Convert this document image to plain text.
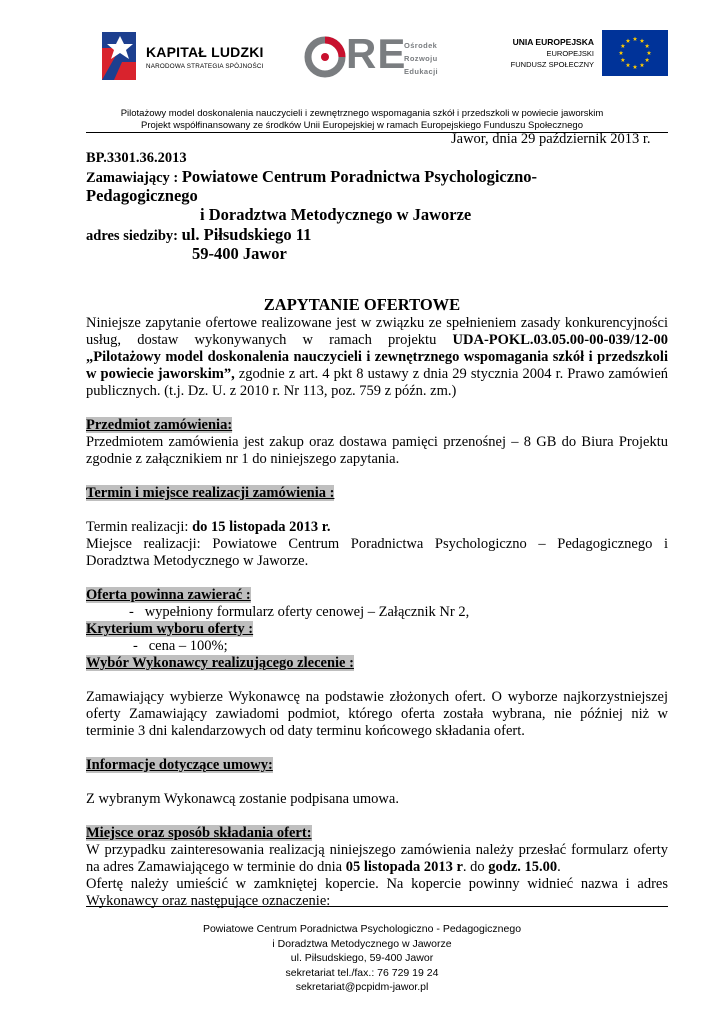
KAPITAŁ LUDZKI
NARODOWA STRATEGIA SPÓJNOŚCI RE
Ośrodek
Rozwoju
Edukacji
UNIA EUROPEJSKA
EUROPEJSKI
FUNDUSZ SPOŁECZNY
Pilotażowy model doskonalenia nauczycieli i zewnętrznego wspomagania szkół i przedszkoli w powiecie jaworskim
Projekt współfinansowany ze środków Unii Europejskiej w ramach Europejskiego Funduszu Społecznego
Jawor, dnia 29 październik 2013 r.
BP.3301.36.2013
Zamawiający : Powiatowe Centrum Poradnictwa Psychologiczno-
Pedagogicznego
i Doradztwa Metodycznego w Jaworze
adres siedziby: ul. Piłsudskiego 11
59-400 Jawor
ZAPYTANIE OFERTOWE
Niniejsze zapytanie ofertowe realizowane jest w związku ze spełnieniem zasady konkurencyjności
usług, dostaw wykonywanych w ramach projektu UDA-POKL.03.05.00-00-039/12-00
„Pilotażowy model doskonalenia nauczycieli i zewnętrznego wspomagania szkół i przedszkoli
w powiecie jaworskim”, zgodnie z art. 4 pkt 8 ustawy z dnia 29 stycznia 2004 r. Prawo zamówień
publicznych. (t.j. Dz. U. z 2010 r. Nr 113, poz. 759 z późn. zm.)
Przedmiot zamówienia:
Przedmiotem zamówienia jest zakup oraz dostawa pamięci przenośnej – 8 GB do Biura Projektu
zgodnie z załącznikiem nr 1 do niniejszego zapytania.
Termin i miejsce realizacji zamówienia :
Termin realizacji: do 15 listopada 2013 r.
Miejsce realizacji: Powiatowe Centrum Poradnictwa Psychologiczno – Pedagogicznego i
Doradztwa Metodycznego w Jaworze.
Oferta powinna zawierać :
-   wypełniony formularz oferty cenowej – Załącznik Nr 2,
Kryterium wyboru oferty :
-   cena – 100%;
Wybór Wykonawcy realizującego zlecenie :
Zamawiający wybierze Wykonawcę na podstawie złożonych ofert. O wyborze najkorzystniejszej
oferty Zamawiający zawiadomi podmiot, którego oferta została wybrana, nie później niż w
terminie 3 dni kalendarzowych od daty terminu końcowego składania ofert.
Informacje dotyczące umowy:
Z wybranym Wykonawcą zostanie podpisana umowa.
Miejsce oraz sposób składania ofert:
W przypadku zainteresowania realizacją niniejszego zamówienia należy przesłać formularz oferty
na adres Zamawiającego w terminie do dnia 05 listopada 2013 r. do godz. 15.00.
Ofertę należy umieścić w zamkniętej kopercie. Na kopercie powinny widnieć nazwa i adres
Wykonawcy oraz następujące oznaczenie:
Powiatowe Centrum Poradnictwa Psychologiczno - Pedagogicznego
i Doradztwa Metodycznego w Jaworze
ul. Piłsudskiego, 59-400 Jawor
sekretariat tel./fax.: 76 729 19 24
sekretariat@pcpidm-jawor.pl
